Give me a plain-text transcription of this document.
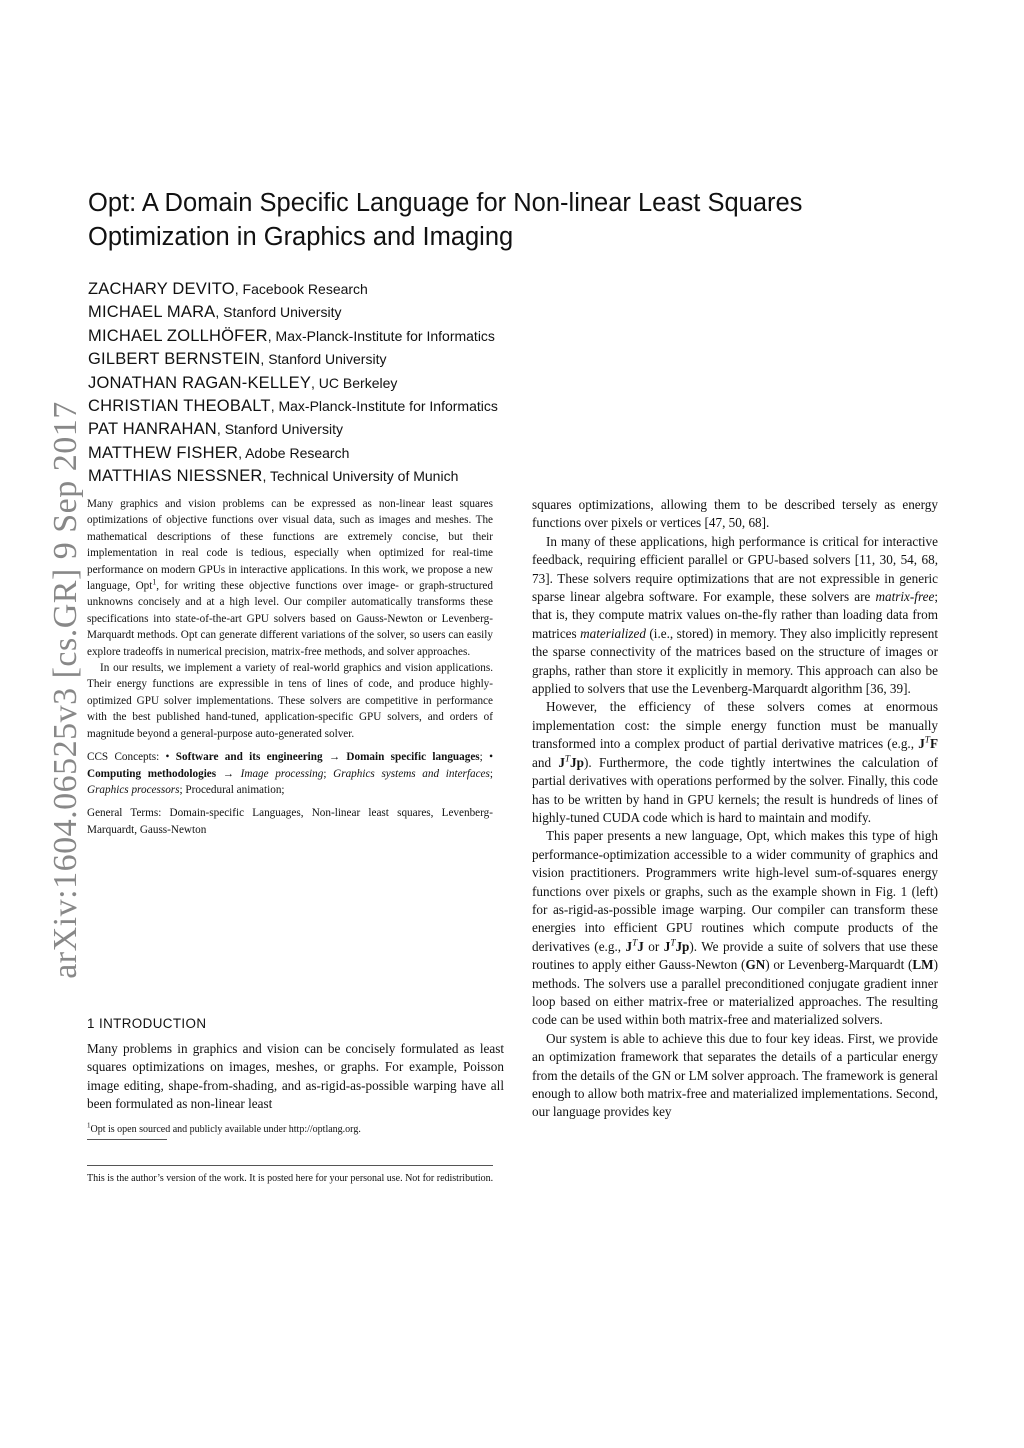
arXiv:1604.06525v3 [cs.GR] 9 Sep 2017
Opt: A Domain Specific Language for Non-linear Least Squares Optimization in Graphics and Imaging
ZACHARY DEVITO, Facebook Research
MICHAEL MARA, Stanford University
MICHAEL ZOLLHÖFER, Max-Planck-Institute for Informatics
GILBERT BERNSTEIN, Stanford University
JONATHAN RAGAN-KELLEY, UC Berkeley
CHRISTIAN THEOBALT, Max-Planck-Institute for Informatics
PAT HANRAHAN, Stanford University
MATTHEW FISHER, Adobe Research
MATTHIAS NIESSNER, Technical University of Munich

Many graphics and vision problems can be expressed as non-linear least squares optimizations of objective functions over visual data, such as images and meshes. The mathematical descriptions of these functions are extremely concise, but their implementation in real code is tedious, especially when optimized for real-time performance on modern GPUs in interactive applications. In this work, we propose a new language, Opt$^1$, for writing these objective functions over image- or graph-structured unknowns concisely and at a high level. Our compiler automatically transforms these specifications into state-of-the-art GPU solvers based on Gauss-Newton or Levenberg-Marquardt methods. Opt can generate different variations of the solver, so users can easily explore tradeoffs in numerical precision, matrix-free methods, and solver approaches.

In our results, we implement a variety of real-world graphics and vision applications. Their energy functions are expressible in tens of lines of code, and produce highly-optimized GPU solver implementations. These solvers are competitive in performance with the best published hand-tuned, application-specific GPU solvers, and orders of magnitude beyond a general-purpose auto-generated solver.

CCS Concepts: • Software and its engineering → Domain specific languages; • Computing methodologies → Image processing; Graphics systems and interfaces; Graphics processors; Procedural animation;

General Terms: Domain-specific Languages, Non-linear least squares, Levenberg-Marquardt, Gauss-Newton

1 INTRODUCTION

Many problems in graphics and vision can be concisely formulated as least squares optimizations on images, meshes, or graphs. For example, Poisson image editing, shape-from-shading, and as-rigid-as-possible warping have all been formulated as non-linear least

$^1$Opt is open sourced and publicly available under http://optlang.org.

This is the author’s version of the work. It is posted here for your personal use. Not for redistribution.

squares optimizations, allowing them to be described tersely as energy functions over pixels or vertices [47, 50, 68].

In many of these applications, high performance is critical for interactive feedback, requiring efficient parallel or GPU-based solvers [11, 30, 54, 68, 73]. These solvers require optimizations that are not expressible in generic sparse linear algebra software. For example, these solvers are matrix-free; that is, they compute matrix values on-the-fly rather than loading data from matrices materialized (i.e., stored) in memory. They also implicitly represent the sparse connectivity of the matrices based on the structure of images or graphs, rather than store it explicitly in memory. This approach can also be applied to solvers that use the Levenberg-Marquardt algorithm [36, 39].

However, the efficiency of these solvers comes at enormous implementation cost: the simple energy function must be manually transformed into a complex product of partial derivative matrices (e.g., $J^TF$ and $J^TJp$). Furthermore, the code tightly intertwines the calculation of partial derivatives with operations performed by the solver. Finally, this code has to be written by hand in GPU kernels; the result is hundreds of lines of highly-tuned CUDA code which is hard to maintain and modify.

This paper presents a new language, Opt, which makes this type of high performance-optimization accessible to a wider community of graphics and vision practitioners. Programmers write high-level sum-of-squares energy functions over pixels or graphs, such as the example shown in Fig. 1 (left) for as-rigid-as-possible image warping. Our compiler can transform these energies into efficient GPU routines which compute products of the derivatives (e.g., $J^TJ$ or $J^TJp$). We provide a suite of solvers that use these routines to apply either Gauss-Newton (GN) or Levenberg-Marquardt (LM) methods. The solvers use a parallel preconditioned conjugate gradient inner loop based on either matrix-free or materialized approaches. The resulting code can be used within both matrix-free and materialized solvers.

Our system is able to achieve this due to four key ideas. First, we provide an optimization framework that separates the details of a particular energy from the details of the GN or LM solver approach. The framework is general enough to allow both matrix-free and materialized implementations. Second, our language provides key
